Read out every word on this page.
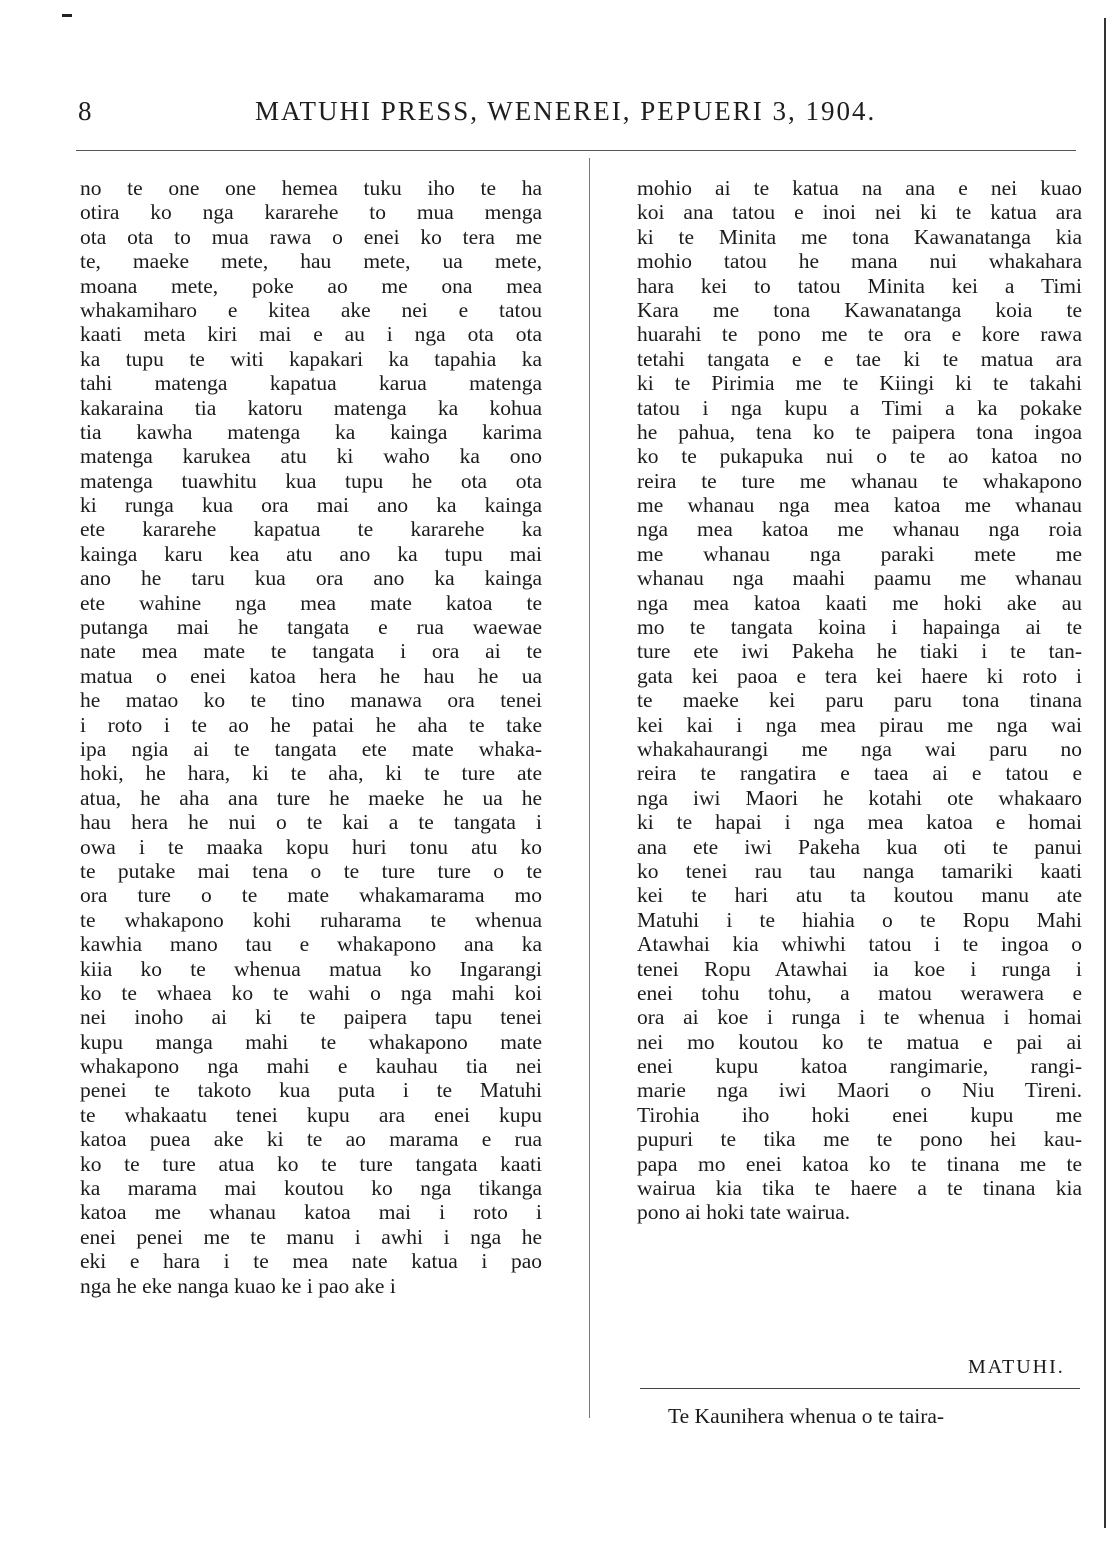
8	MATUHI PRESS, WENEREI, PEPUERI 3, 1904.
no te one one hemea tuku iho te ha
otira ko nga kararehe to mua menga
ota ota to mua rawa o enei ko tera me
te, maeke mete, hau mete, ua mete,
moana mete, poke ao me ona mea
whakamiharo e kitea ake nei e tatou
kaati meta kiri mai e au i nga ota ota
ka tupu te witi kapakari ka tapahia ka
tahi matenga kapatua karua matenga
kakaraina tia katoru matenga ka kohua
tia kawha matenga ka kainga karima
matenga karukea atu ki waho ka ono
matenga tuawhitu kua tupu he ota ota
ki runga kua ora mai ano ka kainga
ete kararehe kapatua te kararehe ka
kainga karu kea atu ano ka tupu mai
ano he taru kua ora ano ka kainga
ete wahine nga mea mate katoa te
putanga mai he tangata e rua waewae
nate mea mate te tangata i ora ai te
matua o enei katoa hera he hau he ua
he matao ko te tino manawa ora tenei
i roto i te ao he patai he aha te take
ipa ngia ai te tangata ete mate whaka-
hoki, he hara, ki te aha, ki te ture ate
atua, he aha ana ture he maeke he ua he
hau hera he nui o te kai a te tangata i
owa i te maaka kopu huri tonu atu ko
te putake mai tena o te ture ture o te
ora ture o te mate whakamarama mo
te whakapono kohi ruharama te whenua
kawhia mano tau e whakapono ana ka
kiia ko te whenua matua ko Ingarangi
ko te whaea ko te wahi o nga mahi koi
nei inoho ai ki te paipera tapu tenei
kupu manga mahi te whakapono mate
whakapono nga mahi e kauhau tia nei
penei te takoto kua puta i te Matuhi
te whakaatu tenei kupu ara enei kupu
katoa puea ake ki te ao marama e rua
ko te ture atua ko te ture tangata kaati
ka marama mai koutou ko nga tikanga
katoa me whanau katoa mai i roto i
enei penei me te manu i awhi i nga he
eki e hara i te mea nate katua i pao
nga he eke nanga kuao ke i pao ake i
mohio ai te katua na ana e nei kuao
koi ana tatou e inoi nei ki te katua ara
ki te Minita me tona Kawanatanga kia
mohio tatou he mana nui whakahara
hara kei to tatou Minita kei a Timi
Kara me tona Kawanatanga koia te
huarahi te pono me te ora e kore rawa
tetahi tangata e e tae ki te matua ara
ki te Pirimia me te Kiingi ki te takahi
tatou i nga kupu a Timi a ka pokake
he pahua, tena ko te paipera tona ingoa
ko te pukapuka nui o te ao katoa no
reira te ture me whanau te whakapono
me whanau nga mea katoa me whanau
nga mea katoa me whanau nga roia
me whanau nga paraki mete me
whanau nga maahi paamu me whanau
nga mea katoa kaati me hoki ake au
mo te tangata koina i hapainga ai te
ture ete iwi Pakeha he tiaki i te tan-
gata kei paoa e tera kei haere ki roto i
te maeke kei paru paru tona tinana
kei kai i nga mea pirau me nga wai
whakahaurangi me nga wai paru no
reira te rangatira e taea ai e tatou e
nga iwi Maori he kotahi ote whakaaro
ki te hapai i nga mea katoa e homai
ana ete iwi Pakeha kua oti te panui
ko tenei rau tau nanga tamariki kaati
kei te hari atu ta koutou manu ate
Matuhi i te hiahia o te Ropu Mahi
Atawhai kia whiwhi tatou i te ingoa o
tenei Ropu Atawhai ia koe i runga i
enei tohu tohu, a matou werawera e
ora ai koe i runga i te whenua i homai
nei mo koutou ko te matua e pai ai
enei kupu katoa rangimarie, rangi-
marie nga iwi Maori o Niu Tireni.
Tirohia iho hoki enei kupu me
pupuri te tika me te pono hei kau-
papa mo enei katoa ko te tinana me te
wairua kia tika te haere a te tinana kia
pono ai hoki tate wairua.
MATUHI.
Te Kaunihera whenua o te taira-
